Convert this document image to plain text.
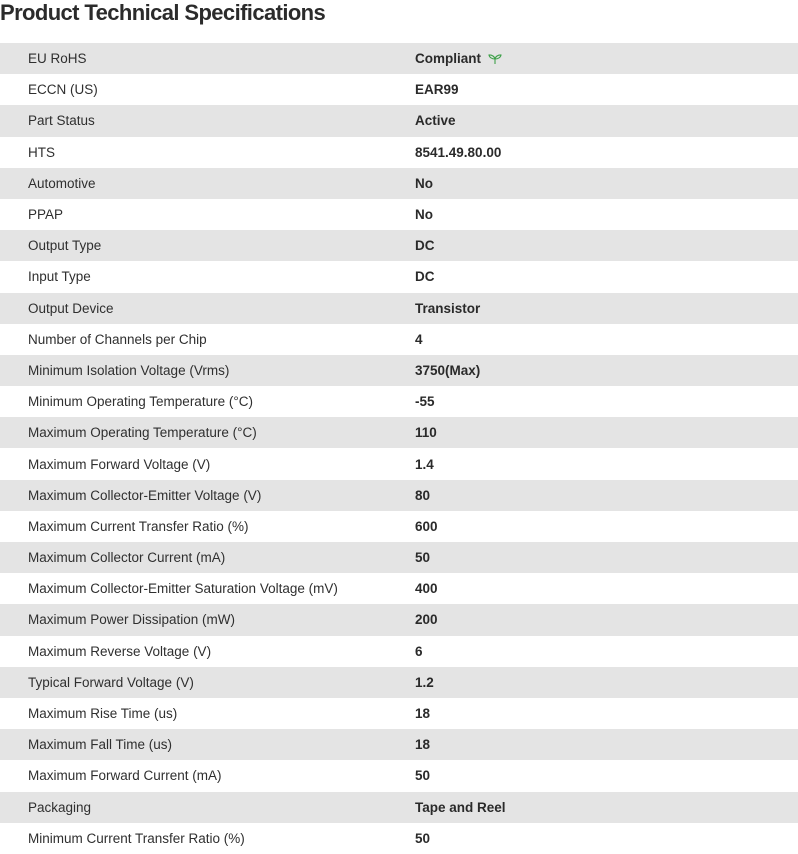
Product Technical Specifications
EU RoHS	Compliant
ECCN (US)	EAR99
Part Status	Active
HTS	8541.49.80.00
Automotive	No
PPAP	No
Output Type	DC
Input Type	DC
Output Device	Transistor
Number of Channels per Chip	4
Minimum Isolation Voltage (Vrms)	3750(Max)
Minimum Operating Temperature (°C)	-55
Maximum Operating Temperature (°C)	110
Maximum Forward Voltage (V)	1.4
Maximum Collector-Emitter Voltage (V)	80
Maximum Current Transfer Ratio (%)	600
Maximum Collector Current (mA)	50
Maximum Collector-Emitter Saturation Voltage (mV)	400
Maximum Power Dissipation (mW)	200
Maximum Reverse Voltage (V)	6
Typical Forward Voltage (V)	1.2
Maximum Rise Time (us)	18
Maximum Fall Time (us)	18
Maximum Forward Current (mA)	50
Packaging	Tape and Reel
Minimum Current Transfer Ratio (%)	50
